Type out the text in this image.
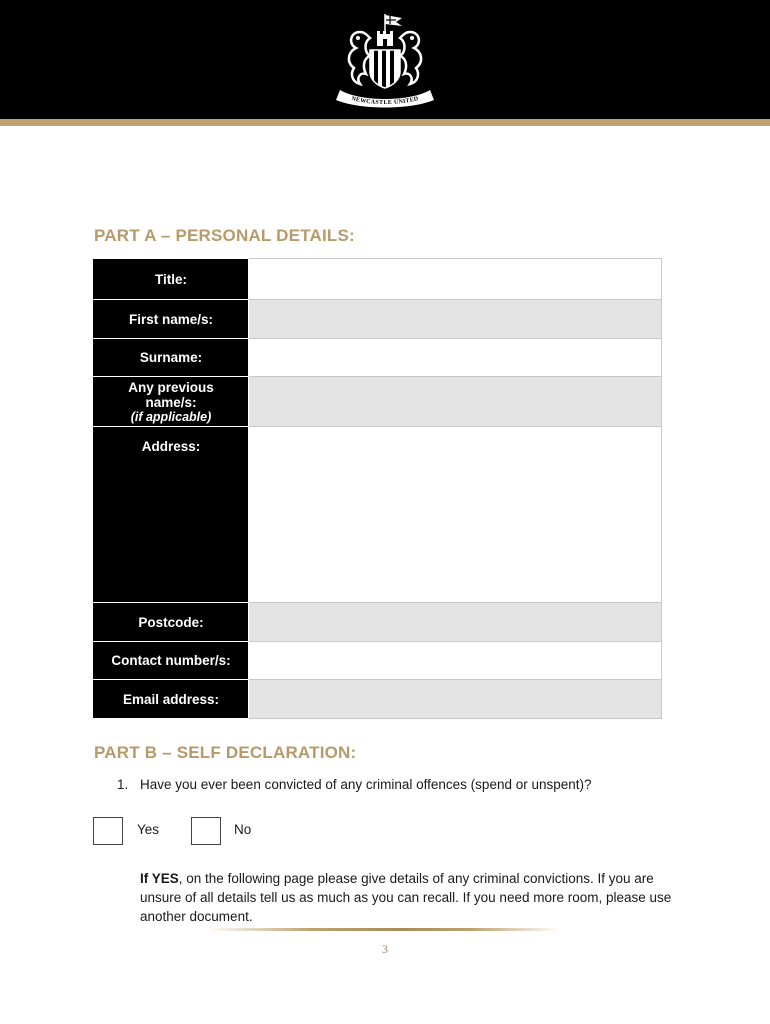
NEWCASTLE UNITED
PART A – PERSONAL DETAILS:
Title:	
First name/s:	
Surname:	

Any previous
name/s:
(if applicable)	

Address:	
Postcode:	
Contact number/s:	
Email address:	
PART B – SELF DECLARATION:
1. Have you ever been convicted of any criminal offences (spend or unspent)?
Yes	No

If YES, on the following page please give details of any criminal convictions. If you are unsure of all details tell us as much as you can recall. If you need more room, please use another document.

3
